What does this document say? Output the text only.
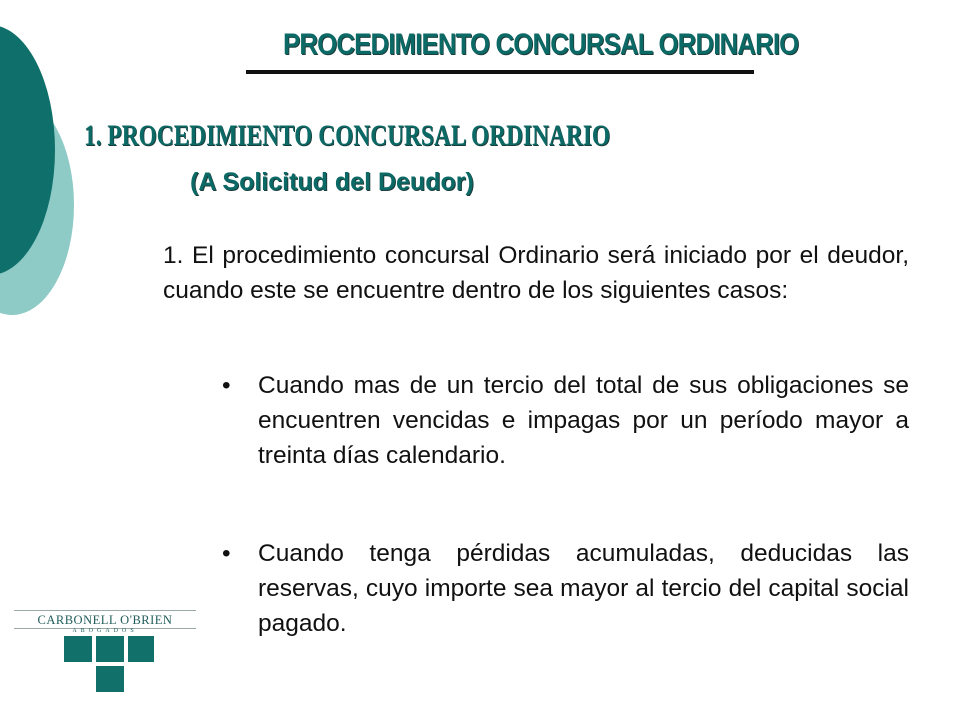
PROCEDIMIENTO CONCURSAL ORDINARIO
1. PROCEDIMIENTO CONCURSAL ORDINARIO
(A Solicitud del Deudor)

1. El procedimiento concursal Ordinario será iniciado por el deudor, cuando este se encuentre dentro de los siguientes casos:

•	Cuando mas de un tercio del total de sus obligaciones se encuentren vencidas e impagas por un período mayor a treinta días calendario.

•	Cuando tenga pérdidas acumuladas, deducidas las reservas, cuyo importe sea mayor al tercio del capital social pagado.

CARBONELL O'BRIEN
ABOGADOS
